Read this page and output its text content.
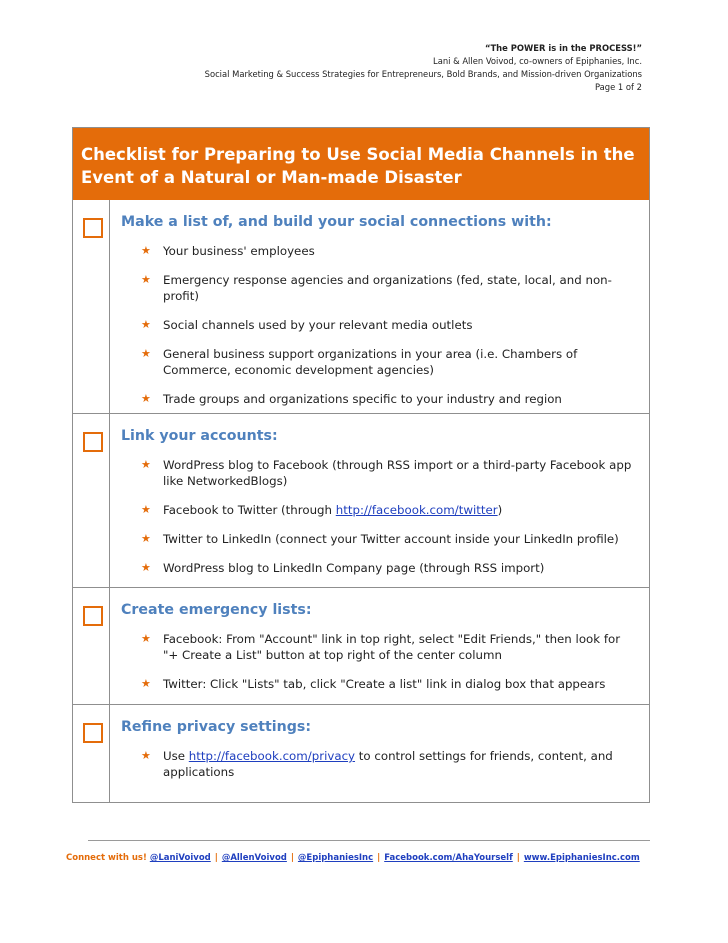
“The POWER is in the PROCESS!”
Lani & Allen Voivod, co-owners of Epiphanies, Inc.
Social Marketing & Success Strategies for Entrepreneurs, Bold Brands, and Mission-driven Organizations
Page 1 of 2
Checklist for Preparing to Use Social Media Channels in the Event of a Natural or Man-made Disaster
Make a list of, and build your social connections with:
★ Your business' employees
★ Emergency response agencies and organizations (fed, state, local, and non-profit)
★ Social channels used by your relevant media outlets
★ General business support organizations in your area (i.e. Chambers of Commerce, economic development agencies)
★ Trade groups and organizations specific to your industry and region
Link your accounts:
★ WordPress blog to Facebook (through RSS import or a third-party Facebook app like NetworkedBlogs)
★ Facebook to Twitter (through http://facebook.com/twitter)
★ Twitter to LinkedIn (connect your Twitter account inside your LinkedIn profile)
★ WordPress blog to LinkedIn Company page (through RSS import)
Create emergency lists:
★ Facebook: From "Account" link in top right, select "Edit Friends," then look for "+ Create a List" button at top right of the center column
★ Twitter: Click "Lists" tab, click "Create a list" link in dialog box that appears
Refine privacy settings:
★ Use http://facebook.com/privacy to control settings for friends, content, and applications
Connect with us! @LaniVoivod | @AllenVoivod | @EpiphaniesInc | Facebook.com/AhaYourself | www.EpiphaniesInc.com
